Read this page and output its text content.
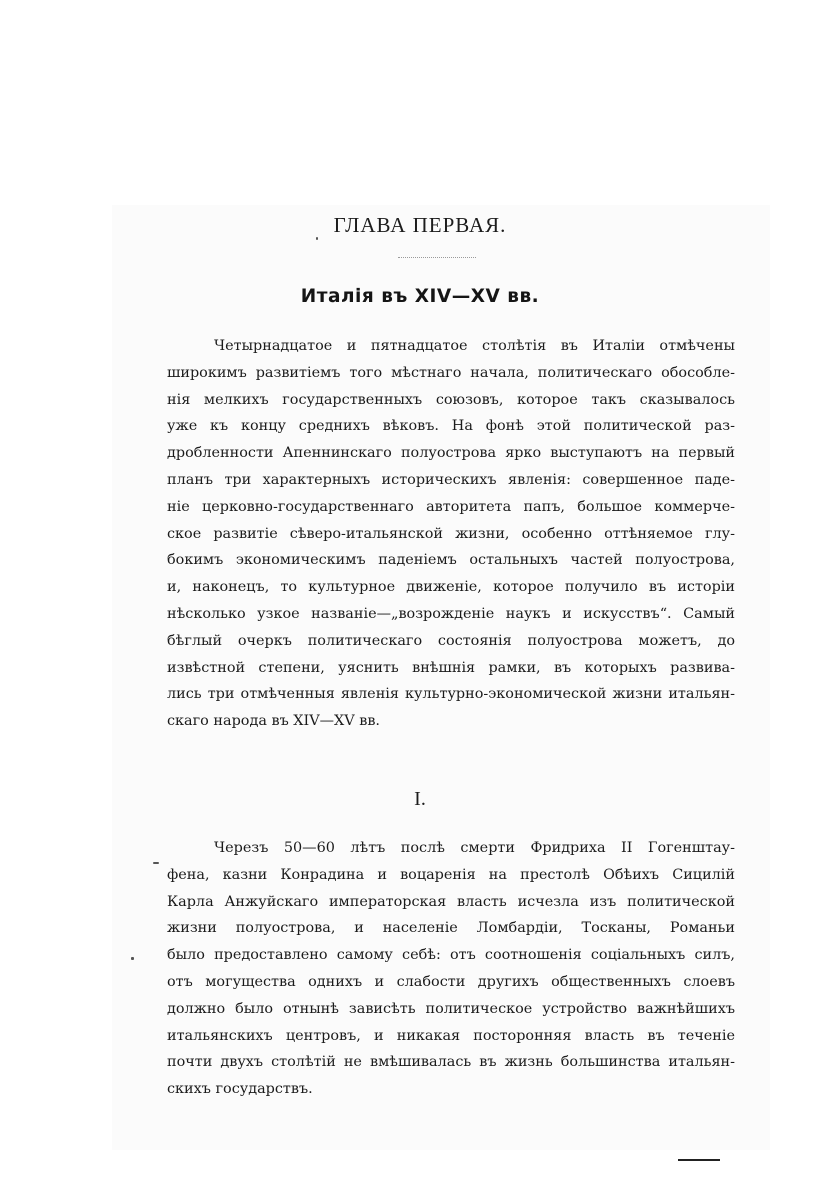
ГЛАВА ПЕРВАЯ.
Италія въ XIV—XV вв.
Четырнадцатое и пятнадцатое столѣтія въ Италіи отмѣчены
широкимъ развитіемъ того мѣстнаго начала, политическаго обособле-
нія мелкихъ государственныхъ союзовъ, которое такъ сказывалось
уже къ концу среднихъ вѣковъ. На фонѣ этой политической раз-
дробленности Апеннинскаго полуострова ярко выступаютъ на первый
планъ три характерныхъ историческихъ явленія: совершенное паде-
ніе церковно-государственнаго авторитета папъ, большое коммерче-
ское развитіе сѣверо-итальянской жизни, особенно оттѣняемое глу-
бокимъ экономическимъ паденіемъ остальныхъ частей полуострова,
и, наконецъ, то культурное движеніе, которое получило въ исторіи
нѣсколько узкое названіе—„возрожденіе наукъ и искусствъ“. Самый
бѣглый очеркъ политическаго состоянія полуострова можетъ, до
извѣстной степени, уяснить внѣшнія рамки, въ которыхъ развива-
лись три отмѣченныя явленія культурно-экономической жизни итальян-
скаго народа въ XIV—XV вв.
I.
Черезъ 50—60 лѣтъ послѣ смерти Фридриха II Гогенштау-
фена, казни Конрадина и воцаренія на престолѣ Обѣихъ Сицилій
Карла Анжуйскаго императорская власть исчезла изъ политической
жизни полуострова, и населеніе Ломбардіи, Тосканы, Романьи
было предоставлено самому себѣ: отъ соотношенія соціальныхъ силъ,
отъ могущества однихъ и слабости другихъ общественныхъ слоевъ
должно было отнынѣ зависѣть политическое устройство важнѣйшихъ
итальянскихъ центровъ, и никакая посторонняя власть въ теченіе
почти двухъ столѣтій не вмѣшивалась въ жизнь большинства итальян-
скихъ государствъ.
